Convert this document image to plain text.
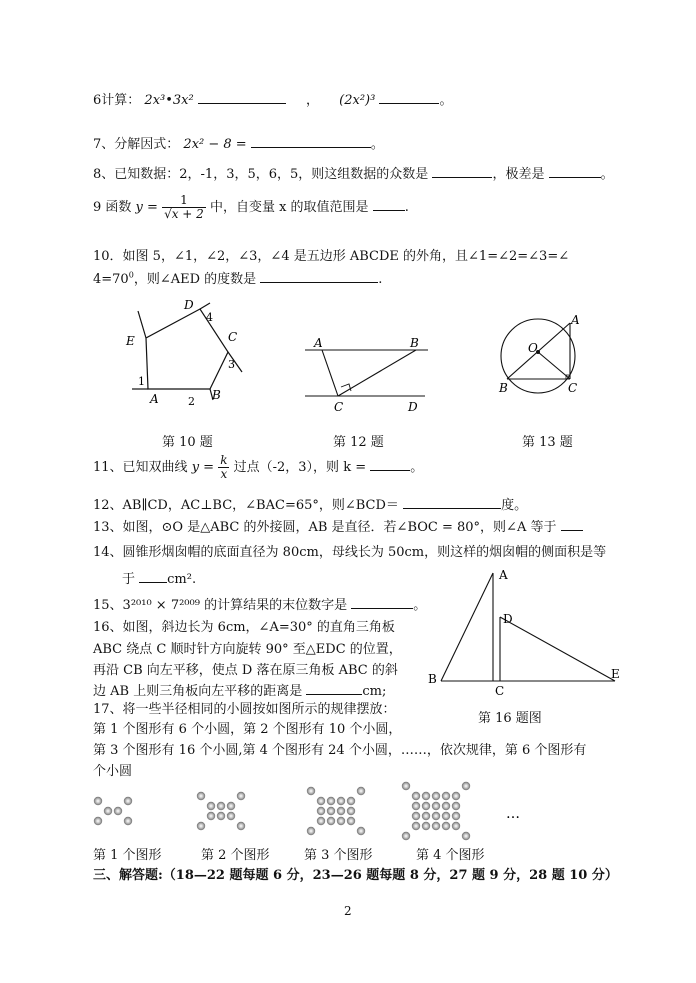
6计算： 2x³•3x²	， (2x²)³	。
7、分解因式： 2x² − 8 =	。
8、已知数据：2，-1，3，5，6，5，则这组数据的众数是	，极差是	。
9 函数 $y = \frac{1}{√x + 2}$ 中，自变量 x 的取值范围是	.
10．如图 5，∠1，∠2，∠3，∠4 是五边形 ABCDE 的外角，且∠1=∠2=∠3=∠
$4=70^0$，则∠AED 的度数是	.
D
4
C
3
E
1
A	2 B
A	B
C	D
A
O
B	C
第 10 题	第 12 题	第 13 题
11、已知双曲线 $y = \frac{k}{x}$ 过点（-2，3），则 k =	。
12、AB∥CD，AC⊥BC，∠BAC=65°，则∠BCD＝	度。
13、如图，⊙O 是△ABC 的外接圆，AB 是直径．若∠BOC = 80°，则∠A 等于
14、圆锥形烟囱帽的底面直径为 80cm，母线长为 50cm，则这样的烟囱帽的侧面积是等
于 cm².
15、3²⁰¹⁰ × 7²⁰⁰⁹ 的计算结果的末位数字是	。
16、如图，斜边长为 6cm，∠A=30° 的直角三角板
ABC 绕点 C 顺时针方向旋转 90° 至△EDC 的位置，
再沿 CB 向左平移，使点 D 落在原三角板 ABC 的斜
边 AB 上则三角板向左平移的距离是	cm;
A
D
E
B
C
第 16 题图
17、将一些半径相同的小圆按如图所示的规律摆放：
第 1 个图形有 6 个小圆，第 2 个图形有 10 个小圆，
第 3 个图形有 16 个小圆,第 4 个图形有 24 个小圆，……，依次规律，第 6 个图形有
个小圆
…
第 1 个图形	第 2 个图形	第 3 个图形	第 4 个图形
三、解答题:（18—22 题每题 6 分，23—26 题每题 8 分，27 题 9 分，28 题 10 分）
2
